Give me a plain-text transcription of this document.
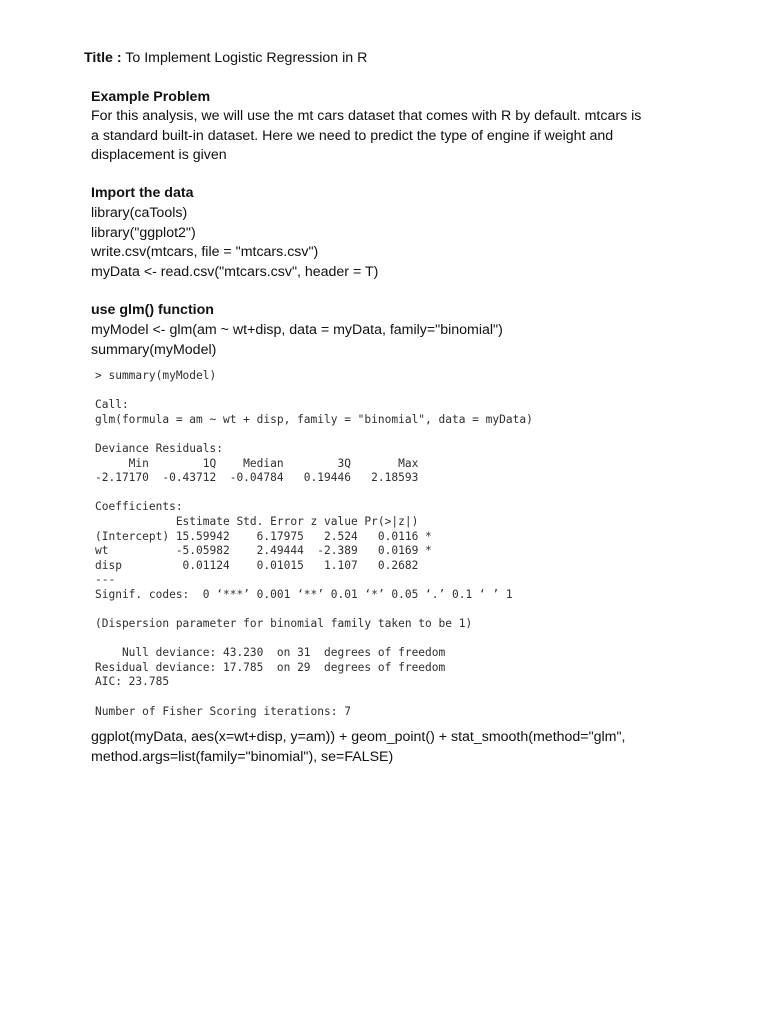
Title : To Implement Logistic Regression in R
Example Problem
For this analysis, we will use the mt cars dataset that comes with R by default. mtcars is
a standard built-in dataset. Here we need to predict the type of engine if weight and
displacement is given
Import the data
library(caTools)
library("ggplot2")
write.csv(mtcars, file = "mtcars.csv")
myData <- read.csv("mtcars.csv", header = T)
use glm() function
myModel <- glm(am ~ wt+disp, data = myData, family="binomial")
summary(myModel)
> summary(myModel)

Call:
glm(formula = am ~ wt + disp, family = "binomial", data = myData)

Deviance Residuals:
Min        1Q    Median        3Q       Max
-2.17170  -0.43712  -0.04784   0.19446   2.18593

Coefficients:
Estimate Std. Error z value Pr(>|z|)
(Intercept) 15.59942    6.17975   2.524   0.0116 *
wt          -5.05982    2.49444  -2.389   0.0169 *
disp         0.01124    0.01015   1.107   0.2682
---
Signif. codes:  0 ‘***’ 0.001 ‘**’ 0.01 ‘*’ 0.05 ‘.’ 0.1 ‘ ’ 1

(Dispersion parameter for binomial family taken to be 1)

Null deviance: 43.230  on 31  degrees of freedom
Residual deviance: 17.785  on 29  degrees of freedom
AIC: 23.785

Number of Fisher Scoring iterations: 7
ggplot(myData, aes(x=wt+disp, y=am)) + geom_point() + stat_smooth(method="glm",
method.args=list(family="binomial"), se=FALSE)
